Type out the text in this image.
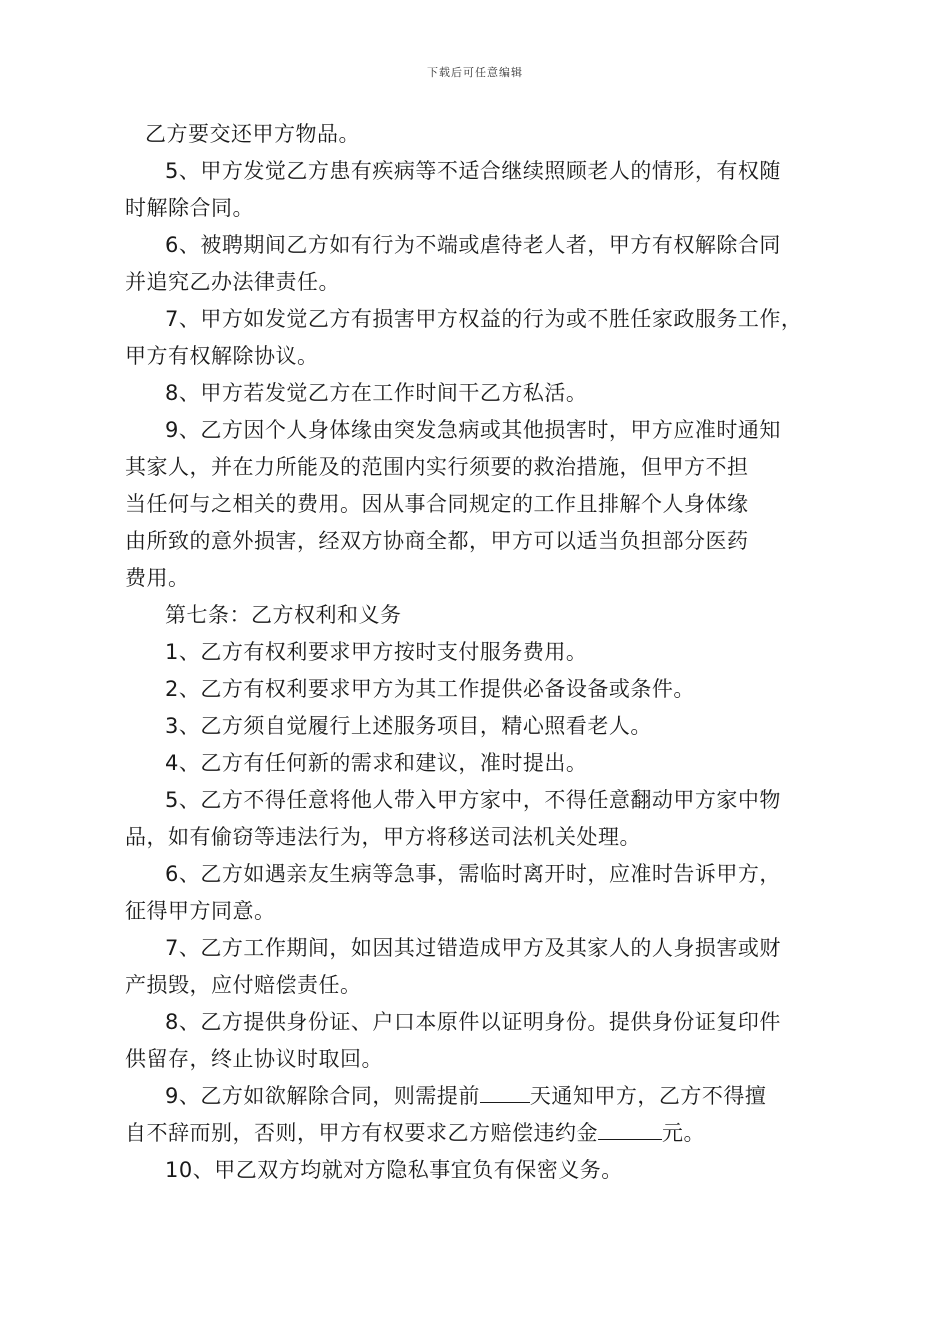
下载后可任意编辑

乙方要交还甲方物品。

5、甲方发觉乙方患有疾病等不适合继续照顾老人的情形，有权随
时解除合同。

6、被聘期间乙方如有行为不端或虐待老人者，甲方有权解除合同
并追究乙办法律责任。

7、甲方如发觉乙方有损害甲方权益的行为或不胜任家政服务工作，
甲方有权解除协议。

8、甲方若发觉乙方在工作时间干乙方私活。

9、乙方因个人身体缘由突发急病或其他损害时，甲方应准时通知
其家人，并在力所能及的范围内实行须要的救治措施，但甲方不担
当任何与之相关的费用。因从事合同规定的工作且排解个人身体缘
由所致的意外损害，经双方协商全都，甲方可以适当负担部分医药
费用。

第七条：乙方权利和义务

1、乙方有权利要求甲方按时支付服务费用。

2、乙方有权利要求甲方为其工作提供必备设备或条件。

3、乙方须自觉履行上述服务项目，精心照看老人。

4、乙方有任何新的需求和建议，准时提出。

5、乙方不得任意将他人带入甲方家中，不得任意翻动甲方家中物
品，如有偷窃等违法行为，甲方将移送司法机关处理。

6、乙方如遇亲友生病等急事，需临时离开时，应准时告诉甲方，
征得甲方同意。

7、乙方工作期间，如因其过错造成甲方及其家人的人身损害或财
产损毁，应付赔偿责任。

8、乙方提供身份证、户口本原件以证明身份。提供身份证复印件
供留存，终止协议时取回。

9、乙方如欲解除合同，则需提前 天通知甲方，乙方不得擅
自不辞而别，否则，甲方有权要求乙方赔偿违约金	元。

10、甲乙双方均就对方隐私事宜负有保密义务。
